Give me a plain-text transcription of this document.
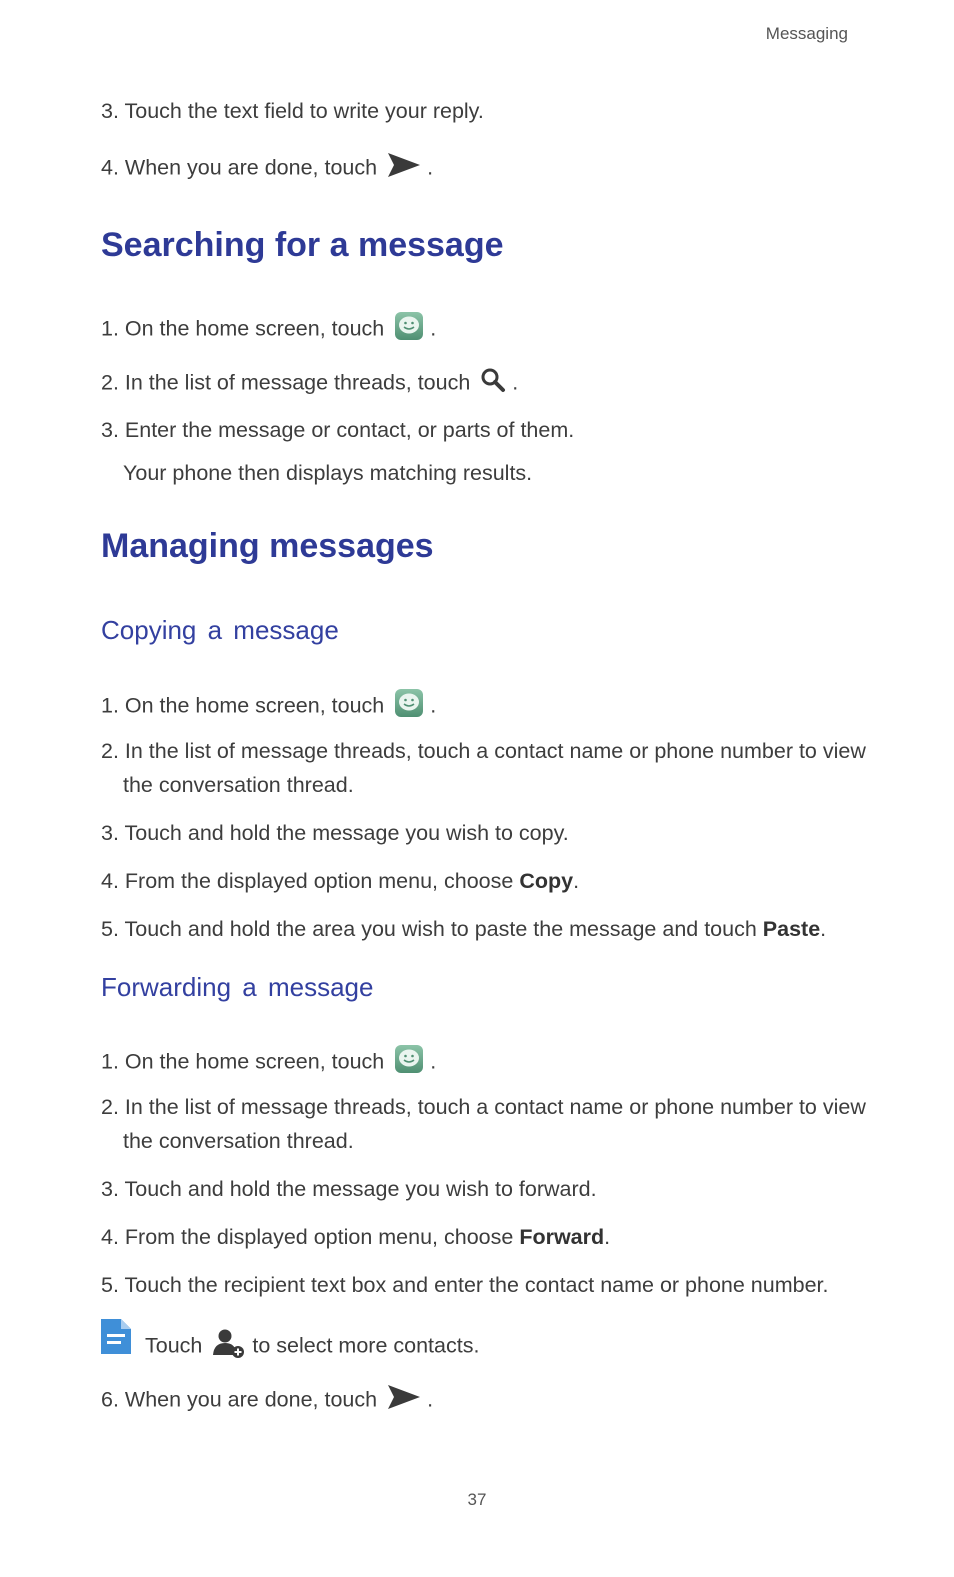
Messaging
3. Touch the text field to write your reply.
4. When you are done, touch .
Searching for a message
1. On the home screen, touch .
2. In the list of message threads, touch .
3. Enter the message or contact, or parts of them.
Your phone then displays matching results.
Managing messages
Copying a message
1. On the home screen, touch .
2. In the list of message threads, touch a contact name or phone number to view
the conversation thread.
3. Touch and hold the message you wish to copy.
4. From the displayed option menu, choose Copy.
5. Touch and hold the area you wish to paste the message and touch Paste.
Forwarding a message
1. On the home screen, touch .
2. In the list of message threads, touch a contact name or phone number to view
the conversation thread.
3. Touch and hold the message you wish to forward.
4. From the displayed option menu, choose Forward.
5. Touch the recipient text box and enter the contact name or phone number.
Touch to select more contacts.
6. When you are done, touch .
37
